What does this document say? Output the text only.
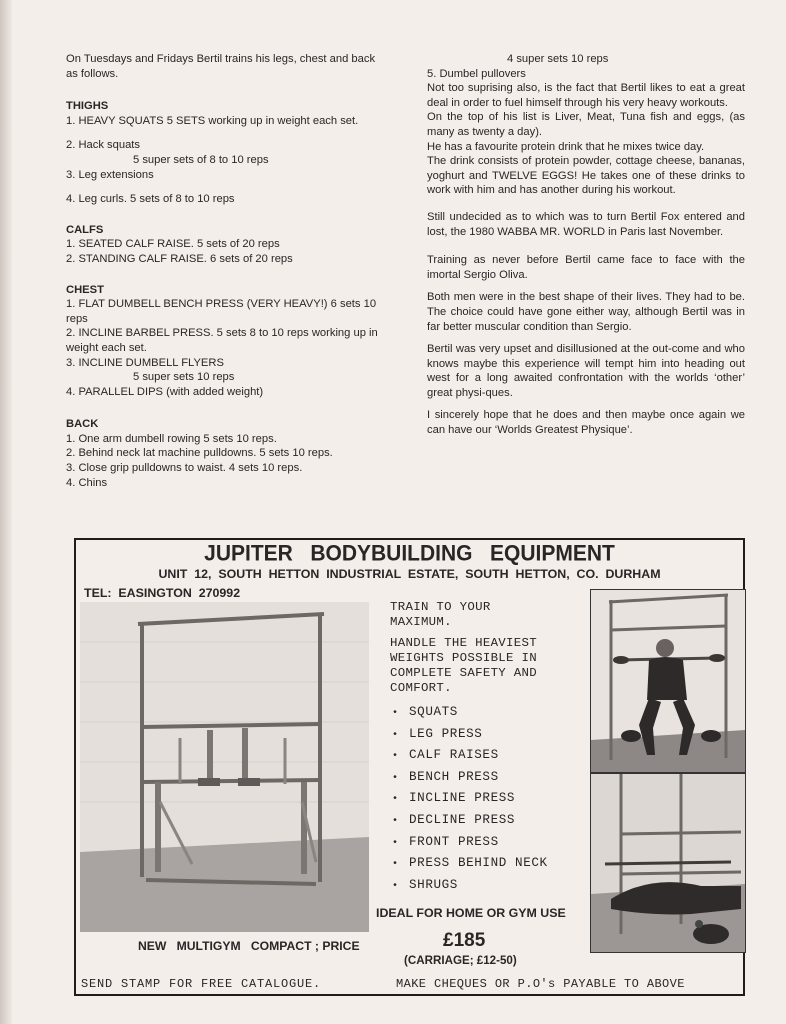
On Tuesdays and Fridays Bertil trains his legs, chest and back as follows.

THIGHS

1. HEAVY SQUATS 5 SETS working up in weight each set.

2. Hack squats

5 super sets of 8 to 10 reps

3. Leg extensions

4. Leg curls. 5 sets of 8 to 10 reps

CALFS

1. SEATED CALF RAISE. 5 sets of 20 reps

2. STANDING CALF RAISE. 6 sets of 20 reps

CHEST

1. FLAT DUMBELL BENCH PRESS (VERY HEAVY!) 6 sets 10 reps

2. INCLINE BARBEL PRESS. 5 sets 8 to 10 reps working up in weight each set.

3. INCLINE DUMBELL FLYERS

5 super sets 10 reps

4. PARALLEL DIPS (with added weight)

BACK

1. One arm dumbell rowing 5 sets 10 reps.

2. Behind neck lat machine pulldowns. 5 sets 10 reps.

3. Close grip pulldowns to waist. 4 sets 10 reps.

4. Chins

4 super sets 10 reps

5. Dumbel pullovers

Not too suprising also, is the fact that Bertil likes to eat a great deal in order to fuel himself through his very heavy workouts.

On the top of his list is Liver, Meat, Tuna fish and eggs, (as many as twenty a day).

He has a favourite protein drink that he mixes twice day.

The drink consists of protein powder, cottage cheese, bananas, yoghurt and TWELVE EGGS! He takes one of these drinks to work with him and has another during his workout.

Still undecided as to which was to turn Bertil Fox entered and lost, the 1980 WABBA MR. WORLD in Paris last November.

Training as never before Bertil came face to face with the imortal Sergio Oliva.

Both men were in the best shape of their lives. They had to be. The choice could have gone either way, although Bertil was in far better muscular condition than Sergio.

Bertil was very upset and disillusioned at the out-come and who knows maybe this experience will tempt him into heading out west for a long awaited confrontation with the worlds ‘other’ great physi-ques.

I sincerely hope that he does and then maybe once again we can have our ‘Worlds Greatest Physique’.

JUPITER   BODYBUILDING   EQUIPMENT
UNIT  12,  SOUTH  HETTON  INDUSTRIAL  ESTATE,  SOUTH  HETTON,  CO.  DURHAM
TEL:  EASINGTON  270992

TRAIN TO YOUR

MAXIMUM.

HANDLE THE HEAVIEST

WEIGHTS POSSIBLE IN

COMPLETE SAFETY AND

COMFORT.

• SQUATS
• LEG PRESS
• CALF RAISES
• BENCH PRESS
• INCLINE PRESS
• DECLINE PRESS
• FRONT PRESS
• PRESS BEHIND NECK
• SHRUGS
IDEAL FOR HOME OR GYM USE
NEW   MULTIGYM   COMPACT ; PRICE	£185
(CARRIAGE; £12-50)
SEND STAMP FOR FREE CATALOGUE.	MAKE CHEQUES OR P.O's PAYABLE TO ABOVE
